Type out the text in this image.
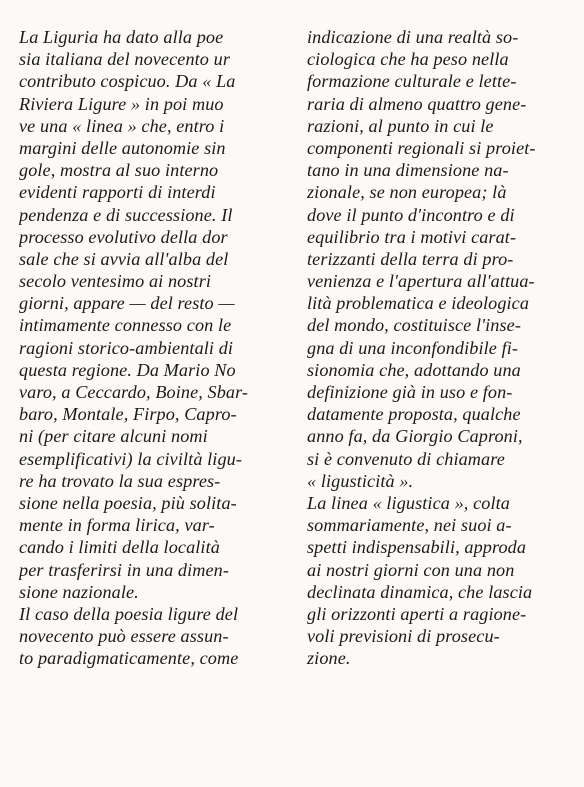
La Liguria ha dato alla poe
sia italiana del novecento ur
contributo cospicuo. Da « La
Riviera Ligure » in poi muo
ve una « linea » che, entro i
margini delle autonomie sin
gole, mostra al suo interno
evidenti rapporti di interdi
pendenza e di successione. Il
processo evolutivo della dor
sale che si avvia all'alba del
secolo ventesimo ai nostri
giorni, appare — del resto —
intimamente connesso con le
ragioni storico-ambientali di
questa regione. Da Mario No
varo, a Ceccardo, Boine, Sbar-
baro, Montale, Firpo, Capro-
ni (per citare alcuni nomi
esemplificativi) la civiltà ligu-
re ha trovato la sua espres-
sione nella poesia, più solita-
mente in forma lirica, var-
cando i limiti della località
per trasferirsi in una dimen-
sione nazionale.
Il caso della poesia ligure del
novecento può essere assun-
to paradigmaticamente, come
indicazione di una realtà so-
ciologica che ha peso nella
formazione culturale e lette-
raria di almeno quattro gene-
razioni, al punto in cui le
componenti regionali si proiet-
tano in una dimensione na-
zionale, se non europea; là
dove il punto d'incontro e di
equilibrio tra i motivi carat-
terizzanti della terra di pro-
venienza e l'apertura all'attua-
lità problematica e ideologica
del mondo, costituisce l'inse-
gna di una inconfondibile fi-
sionomia che, adottando una
definizione già in uso e fon-
datamente proposta, qualche
anno fa, da Giorgio Caproni,
si è convenuto di chiamare
« ligusticità ».
La linea « ligustica », colta
sommariamente, nei suoi a-
spetti indispensabili, approda
ai nostri giorni con una non
declinata dinamica, che lascia
gli orizzonti aperti a ragione-
voli previsioni di prosecu-
zione.
